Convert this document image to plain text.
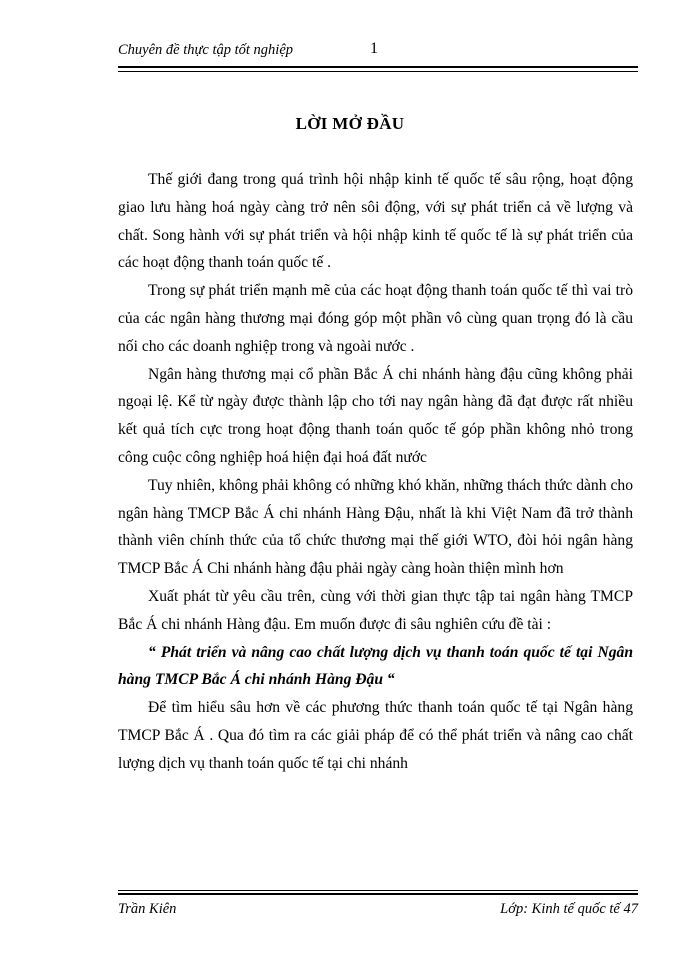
Chuyên đề thực tập tốt nghiệp	1
LỜI MỞ ĐẦU

Thế giới đang trong quá trình hội nhập kinh tế quốc tế sâu rộng, hoạt động giao lưu hàng hoá ngày càng trở nên sôi động, với sự phát triển cả về lượng và chất. Song hành với sự phát triển và hội nhập kinh tế quốc tế là sự phát triển của các hoạt động thanh toán quốc tế .

Trong sự phát triển mạnh mẽ của các hoạt động thanh toán quốc tế thì vai trò của các ngân hàng thương mại đóng góp một phần vô cùng quan trọng đó là cầu nối cho các doanh nghiệp trong và ngoài nước .

Ngân hàng thương mại cổ phần Bắc Á chi nhánh hàng đậu cũng không phải ngoại lệ. Kể từ ngày được thành lập cho tới nay ngân hàng đã đạt được rất nhiều kết quả tích cực trong hoạt động thanh toán quốc tế góp phần không nhỏ trong công cuộc công nghiệp hoá hiện đại hoá đất nước

Tuy nhiên, không phải không có những khó khăn, những thách thức dành cho ngân hàng TMCP Bắc Á chi nhánh Hàng Đậu, nhất là khi Việt Nam đã trở thành thành viên chính thức của tổ chức thương mại thế giới WTO, đòi hỏi ngân hàng TMCP Bắc Á Chi nhánh hàng đậu phải ngày càng hoàn thiện mình hơn

Xuất phát từ yêu cầu trên, cùng với thời gian thực tập tai ngân hàng TMCP Bắc Á chi nhánh Hàng đậu. Em muốn được đi sâu nghiên cứu đề tài :

“ Phát triển và nâng cao chất lượng dịch vụ thanh toán quốc tế tại Ngân hàng TMCP Bắc Á chi nhánh Hàng Đậu “

Để tìm hiểu sâu hơn về các phương thức thanh toán quốc tế tại Ngân hàng TMCP Bắc Á . Qua đó tìm ra các giải pháp để có thể phát triển và nâng cao chất lượng dịch vụ thanh toán quốc tế tại chi nhánh

Trần Kiên	Lớp: Kinh tế quốc tế 47
